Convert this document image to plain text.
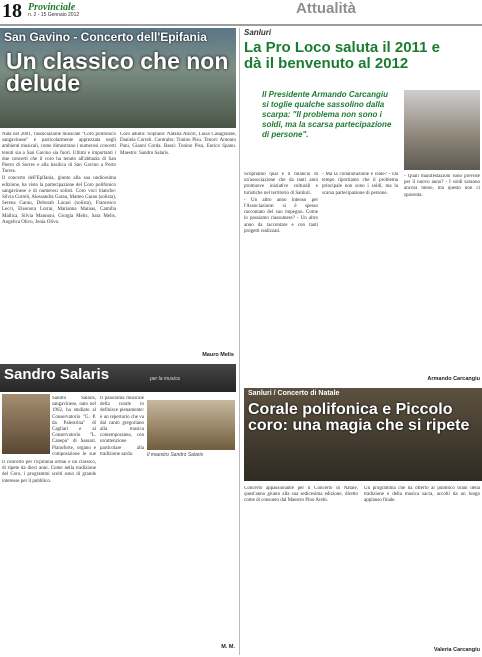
18 Provinciale
n. 2 - 15 Gennaio 2012	Attualità
San Gavino - Concerto dell'Epifania
Un classico che non delude

Nata nel 2001, l'associazione musicale "Coro polifonico sangavinese" è particolarmente apprezzata negli ambienti musicali, come dimostrano i numerosi concerti tenuti sia a San Gavino sia fuori. Ultimi e importanti i due concerti che il coro ha tenuto all'abbazia di San Pietro di Sorres e alla basilica di San Gavino a Porto Torres.

Il concerto dell'Epifania, giunto alla sua undicesima edizione, ha visto la partecipazione del Coro polifonico sangavinese e di numerosi solisti. Coro voci bianche: Silvia Curreli, Alessandra Garau, Matteo Garau (solista), Serena Garau, Deborah Lacasi (solista), Francesco Lecci, Eleonora Lorrai, Marianna Mainas, Camilla Mallica, Silvia Mannoni, Giorgia Melis, Sara Melis, Angelica Olivo, Jenia Olivo.

Coro adulto: Soprano: Natalia Atzori, Luisa Casagrande, Daniela Curreli. Contralto: Tonino Pisu. Tenori: Antonio Pani, Gianni Corda. Bassi: Tonino Pisu, Enrico Spanu. Maestro: Sandro Salaris.

Mauro Melis
Sandro Salaris	per la musica

Sandro Salaris, sangavinese, nato nel 1962, ha studiato al Conservatorio "G. P. da Palestrina" di Cagliari e al Conservatorio "L. Canepa" di Sassari. Pianoforte, organo e composizione le sue

Il concerto per l'Epifania ormai è un classico, di ripete da dieci anni. Come nella tradizione del Coro, i programmi scelti sono di grande interesse per il pubblico.

Il panorama musicale della corale lo definisce pienamente: è un repertorio che va dal canto gregoriano alla musica contemporanea, con un'attenzione particolare alla tradizione sarda.	Il maestro Sandro Salaris
M. M.
Sanluri
La Pro Loco saluta il 2011 e
dà il benvenuto al 2012
Il Presidente Armando Carcangiu si toglie qualche sassolino dalla scarpa: "Il problema non sono i soldi, ma la scarsa partecipazione di persone".

Scopriamo qual è il bilancio di un'associazione che da tanti anni promuove iniziative culturali e turistiche nel territorio di Sanluri.

- Un altro anno intenso per l'Associazione: si è spesso raccontato del suo impegno. Come lo possiamo riassumere? - Un altro anno da raccontare e con tanti progetti realizzati.

- Ma la collaborazione è reale? - Da tempo riportiamo che il problema principale non sono i soldi, ma la scarsa partecipazione di persone.

- Quali manifestazioni sono previste per il nuovo anno? - I soldi saranno ancora meno, ma questo non ci spaventa.

Armando Carcangiu
Sanluri / Concerto di Natale
Corale polifonica e Piccolo coro: una magia che si ripete

Concerto appassionante per il Concerto di Natale, quest'anno giunto alla sua sedicesima edizione, diretto come di consueto dal Maestro Pino Arebi.

Un programma che ha offerto al pubblico brani della tradizione e della musica sacra, accolti da un lungo applauso finale.

Valeria Carcangiu
